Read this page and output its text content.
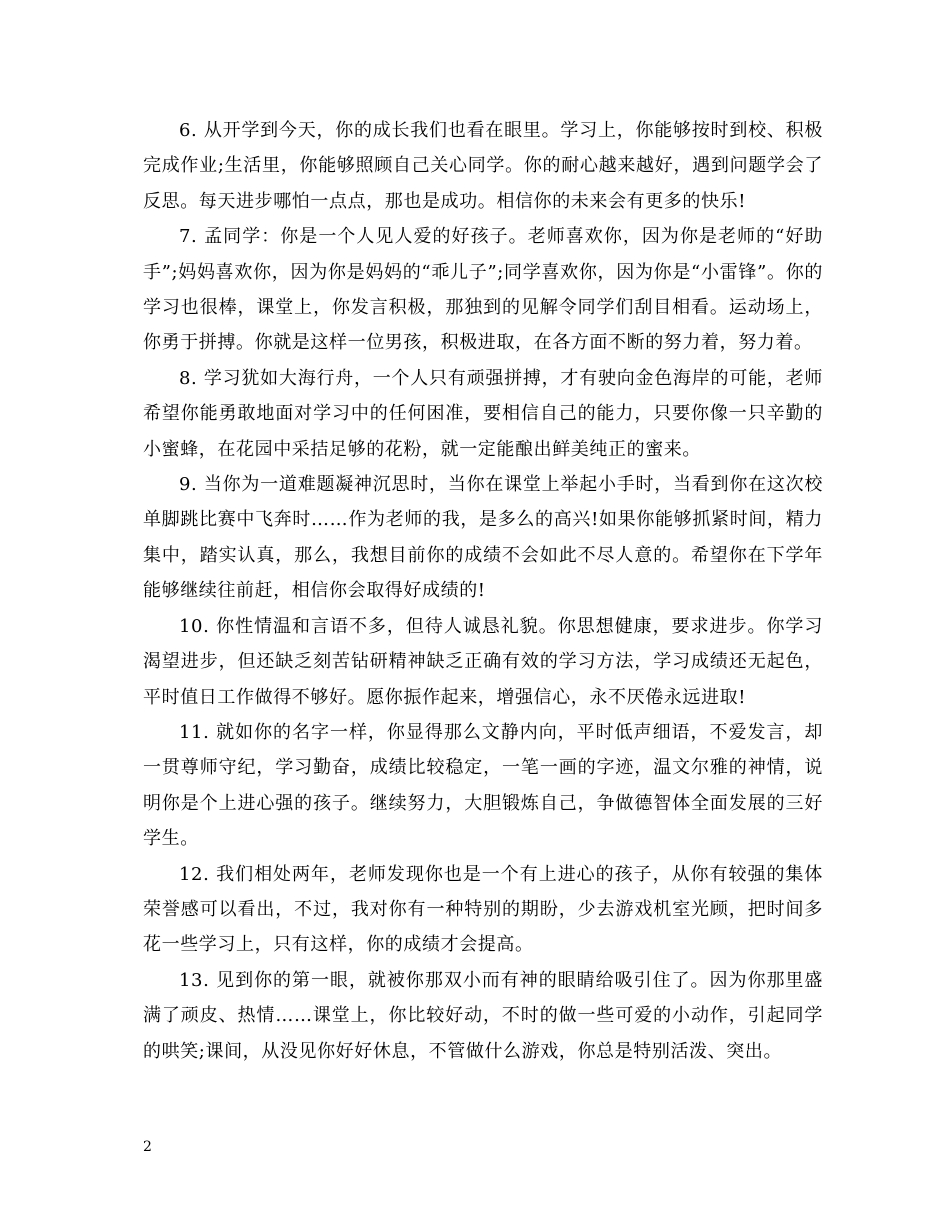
6. 从开学到今天，你的成长我们也看在眼里。学习上，你能够按时到校、积极完成作业;生活里，你能够照顾自己关心同学。你的耐心越来越好，遇到问题学会了反思。每天进步哪怕一点点，那也是成功。相信你的未来会有更多的快乐!

7. 孟同学：你是一个人见人爱的好孩子。老师喜欢你，因为你是老师的“好助手”;妈妈喜欢你，因为你是妈妈的“乖儿子”;同学喜欢你，因为你是“小雷锋”。你的学习也很棒，课堂上，你发言积极，那独到的见解令同学们刮目相看。运动场上，你勇于拼搏。你就是这样一位男孩，积极进取，在各方面不断的努力着，努力着。

8. 学习犹如大海行舟，一个人只有顽强拼搏，才有驶向金色海岸的可能，老师希望你能勇敢地面对学习中的任何困准，要相信自己的能力，只要你像一只辛勤的小蜜蜂，在花园中采拮足够的花粉，就一定能酿出鲜美纯正的蜜来。

9. 当你为一道难题凝神沉思时，当你在课堂上举起小手时，当看到你在这次校单脚跳比赛中飞奔时……作为老师的我，是多么的高兴!如果你能够抓紧时间，精力集中，踏实认真，那么，我想目前你的成绩不会如此不尽人意的。希望你在下学年能够继续往前赶，相信你会取得好成绩的!

10. 你性情温和言语不多，但待人诚恳礼貌。你思想健康，要求进步。你学习渴望进步，但还缺乏刻苦钻研精神缺乏正确有效的学习方法，学习成绩还无起色，平时值日工作做得不够好。愿你振作起来，增强信心，永不厌倦永远进取!

11. 就如你的名字一样，你显得那么文静内向，平时低声细语，不爱发言，却一贯尊师守纪，学习勤奋，成绩比较稳定，一笔一画的字迹，温文尔雅的神情，说明你是个上进心强的孩子。继续努力，大胆锻炼自己，争做德智体全面发展的三好学生。

12. 我们相处两年，老师发现你也是一个有上进心的孩子，从你有较强的集体荣誉感可以看出，不过，我对你有一种特别的期盼，少去游戏机室光顾，把时间多花一些学习上，只有这样，你的成绩才会提高。

13. 见到你的第一眼，就被你那双小而有神的眼睛给吸引住了。因为你那里盛满了顽皮、热情……课堂上，你比较好动，不时的做一些可爱的小动作，引起同学的哄笑;课间，从没见你好好休息，不管做什么游戏，你总是特别活泼、突出。

2
